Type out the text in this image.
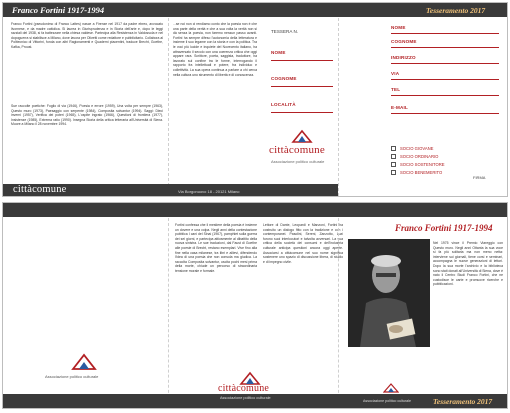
Franco Fortini 1917-1994	Tesseramento 2017
Franco Fortini (pseudonimo di Franco Lattes) nasce a Firenze nel 1917 da padre ebreo, avvocato livornese, e da madre cattolica. Si laurea in Giurisprudenza e in Storia dell'arte e, dopo le leggi razziali del 1938, si fa battezzare nella chiesa valdese. Partecipa alla Resistenza in Valdossola e nel dopoguerra si stabilisce a Milano, dove lavora per Olivetti come redattore e pubblicitario. Collabora al Politecnico di Vittorini, fonda con altri Ragionamenti e Quaderni piacentini, traduce Brecht, Goethe, Kafka, Proust.
Sue raccolte poetiche: Foglio di via (1946), Poesia e errore (1959), Una volta per sempre (1963), Questo muro (1973), Paesaggio con serpente (1984), Composita solvantur (1994). Saggi: Dieci inverni (1957), Verifica dei poteri (1965), L'ospite ingrato (1966), Questioni di frontiera (1977), Insistenze (1985), Extrema ratio (1990). Insegna Storia della critica letteraria all'Università di Siena. Muore a Milano il 28 novembre 1994.
...se noi non ci rendiamo conto che la poesia non è che una parte della verità e che a sua volta la verità non si dà senza la poesia, non faremo nessun passo avanti. Fortini ha sempre difeso l'autonomia della letteratura e insieme il suo legame con la storia e con la politica. Tra le voci più lucide e inquiete del Novecento italiano, ha attraversato il secolo con una coerenza critica che oggi appare rara. Scrittore, poeta, saggista, traduttore, ha lavorato sul confine tra le forme, interrogando il rapporto fra intellettuali e potere, fra individuo e collettività. La sua opera continua a parlare a chi cerca nella cultura uno strumento di libertà e di conoscenza.
TESSERA N.
NOME
COGNOME
LOCALITÀ
cittàcomune
Associazione politico culturale
NOME
COGNOME
INDIRIZZO
VIA
TEL
E-MAIL
SOCIO GIOVANE
SOCIO ORDINARIO
SOCIO SOSTENITORE
SOCIO BENEMERITO
FIRMA
cittàcomune	Via Borgonuovo 18 - 20121 Milano
Franco Fortini 1917-1994
Fortini confessa che il mestiere della poesia è insieme un dovere e una colpa. Negli anni della contestazione pubblica I cani del Sinai (1967), pamphlet sulla guerra dei sei giorni, e partecipa attivamente al dibattito della nuova sinistra. Le sue traduzioni, dal Faust di Goethe alle poesie di Brecht, restano esemplari. Vive fino alla fine nella casa milanese, tra libri e allievi, difendendo l'idea di una poesia che non consola ma giudica. La raccolta Composita solvantur, uscita pochi mesi prima della morte, chiude un percorso di straordinaria tensione morale e formale.
Lettore di Dante, Leopardi e Manzoni, Fortini ha costruito un dialogo fitto con la tradizione e con i contemporanei. Pasolini, Sereni, Zanzotto, Luzi furono suoi interlocutori e talvolta avversari. La sua critica della società dei consumi e dell'industria culturale anticipa questioni ancora oggi aperte. Associarsi a cittàcomune nel suo nome significa sostenere uno spazio di discussione libera, di studio e di impegno civile.
Nel 1975 vince il Premio Viareggio con Questo muro. Negli anni Ottanta la sua voce si fa più solitaria ma non meno netta: interviene sui giornali, tiene corsi e seminari, accompagna le nuove generazioni di lettori. Dopo la sua morte l'archivio e la biblioteca sono stati donati all'Università di Siena, dove è nato il Centro Studi Franco Fortini, che ne custodisce le carte e promuove ricerche e pubblicazioni.
Tesseramento 2017
Associazione politico culturale
cittàcomune
Associazione politico culturale
Associazione politico culturale
